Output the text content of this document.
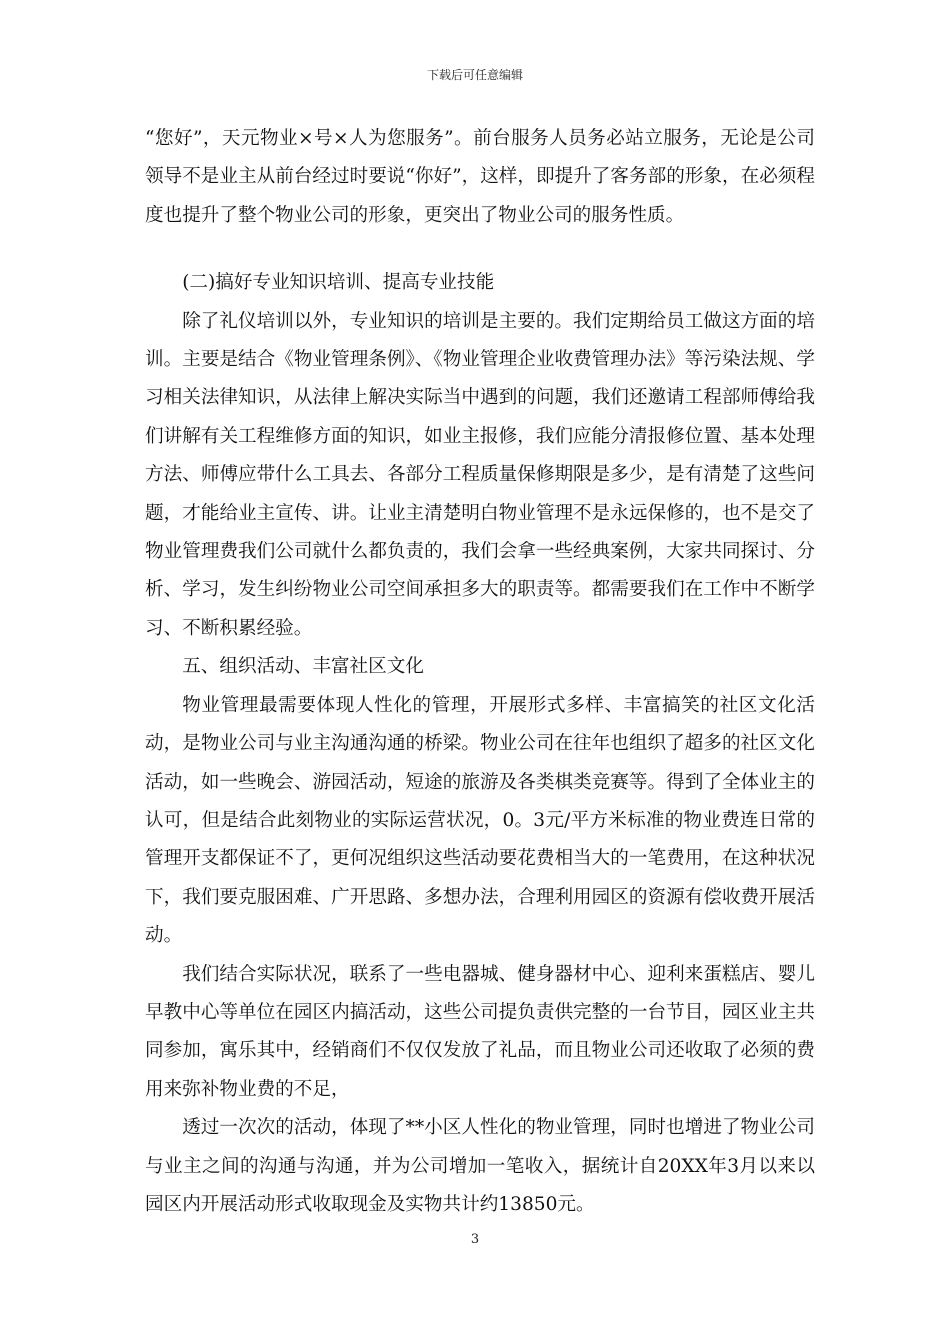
下载后可任意编辑

“您好”，天元物业×号×人为您服务”。前台服务人员务必站立服务，无论是公司领导不是业主从前台经过时要说“你好”，这样，即提升了客务部的形象，在必须程度也提升了整个物业公司的形象，更突出了物业公司的服务性质。

(二)搞好专业知识培训、提高专业技能

除了礼仪培训以外，专业知识的培训是主要的。我们定期给员工做这方面的培训。主要是结合《物业管理条例》、《物业管理企业收费管理办法》等污染法规、学习相关法律知识，从法律上解决实际当中遇到的问题，我们还邀请工程部师傅给我们讲解有关工程维修方面的知识，如业主报修，我们应能分清报修位置、基本处理方法、师傅应带什么工具去、各部分工程质量保修期限是多少，是有清楚了这些问题，才能给业主宣传、讲。让业主清楚明白物业管理不是永远保修的，也不是交了物业管理费我们公司就什么都负责的，我们会拿一些经典案例，大家共同探讨、分析、学习，发生纠纷物业公司空间承担多大的职责等。都需要我们在工作中不断学习、不断积累经验。

五、组织活动、丰富社区文化

物业管理最需要体现人性化的管理，开展形式多样、丰富搞笑的社区文化活动，是物业公司与业主沟通沟通的桥梁。物业公司在往年也组织了超多的社区文化活动，如一些晚会、游园活动，短途的旅游及各类棋类竞赛等。得到了全体业主的认可，但是结合此刻物业的实际运营状况，0。3元/平方米标准的物业费连日常的管理开支都保证不了，更何况组织这些活动要花费相当大的一笔费用，在这种状况下，我们要克服困难、广开思路、多想办法，合理利用园区的资源有偿收费开展活动。

我们结合实际状况，联系了一些电器城、健身器材中心、迎利来蛋糕店、婴儿早教中心等单位在园区内搞活动，这些公司提负责供完整的一台节目，园区业主共同参加，寓乐其中，经销商们不仅仅发放了礼品，而且物业公司还收取了必须的费用来弥补物业费的不足，

透过一次次的活动，体现了**小区人性化的物业管理，同时也增进了物业公司与业主之间的沟通与沟通，并为公司增加一笔收入，据统计自20XX年3月以来以园区内开展活动形式收取现金及实物共计约13850元。

3
